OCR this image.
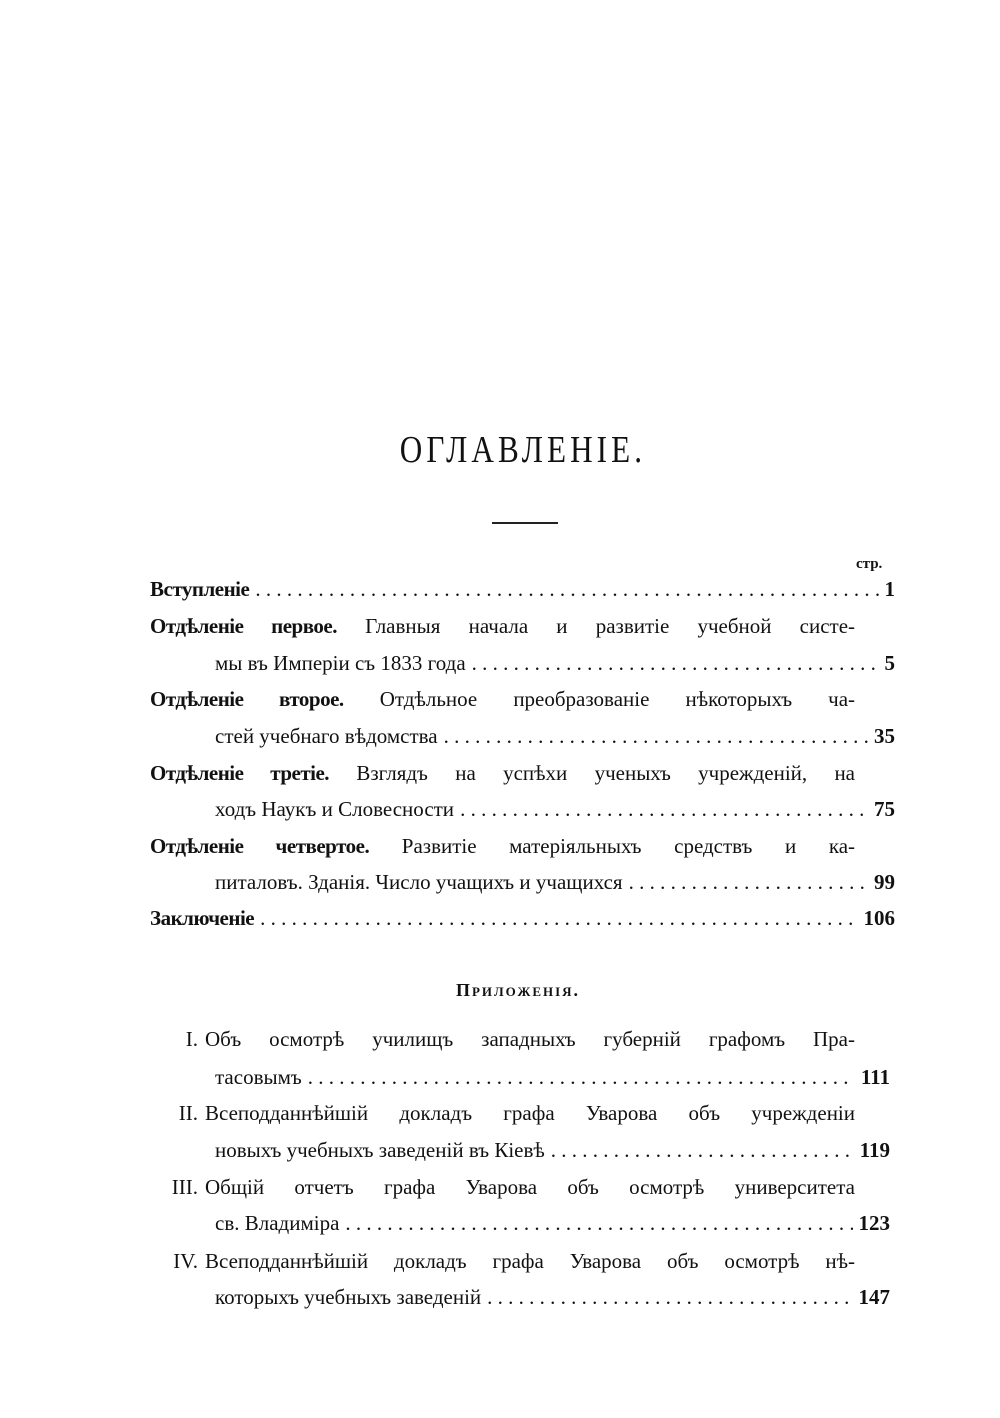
ОГЛАВЛЕНІЕ.
стр.
Вступленіе . . .	1
Отдѣленіе первое. Главныя начала и развитіе учебной систе-
мы въ Имперіи съ 1833 года . . .	5
Отдѣленіе второе. Отдѣльное преобразованіе нѣкоторыхъ ча-
стей учебнаго вѣдомства . . .	35
Отдѣленіе третіе. Взглядъ на успѣхи ученыхъ учрежденій, на
ходъ Наукъ и Словесности . . .	75
Отдѣленіе четвертое. Развитіе матеріяльныхъ средствъ и ка-
питаловъ. Зданія. Число учащихъ и учащихся . . .	99
Заключеніе . . .	106
Приложенія.
I. Объ осмотрѣ училищъ западныхъ губерній графомъ Пра-
тасовымъ . . .	111
II. Всеподданнѣйшій докладъ графа Уварова объ учрежденіи
новыхъ учебныхъ заведеній въ Кіевѣ . . .	119
III. Общій отчетъ графа Уварова объ осмотрѣ университета
св. Владиміра . . .	123
IV. Всеподданнѣйшій докладъ графа Уварова объ осмотрѣ нѣ-
которыхъ учебныхъ заведеній . . .	147
